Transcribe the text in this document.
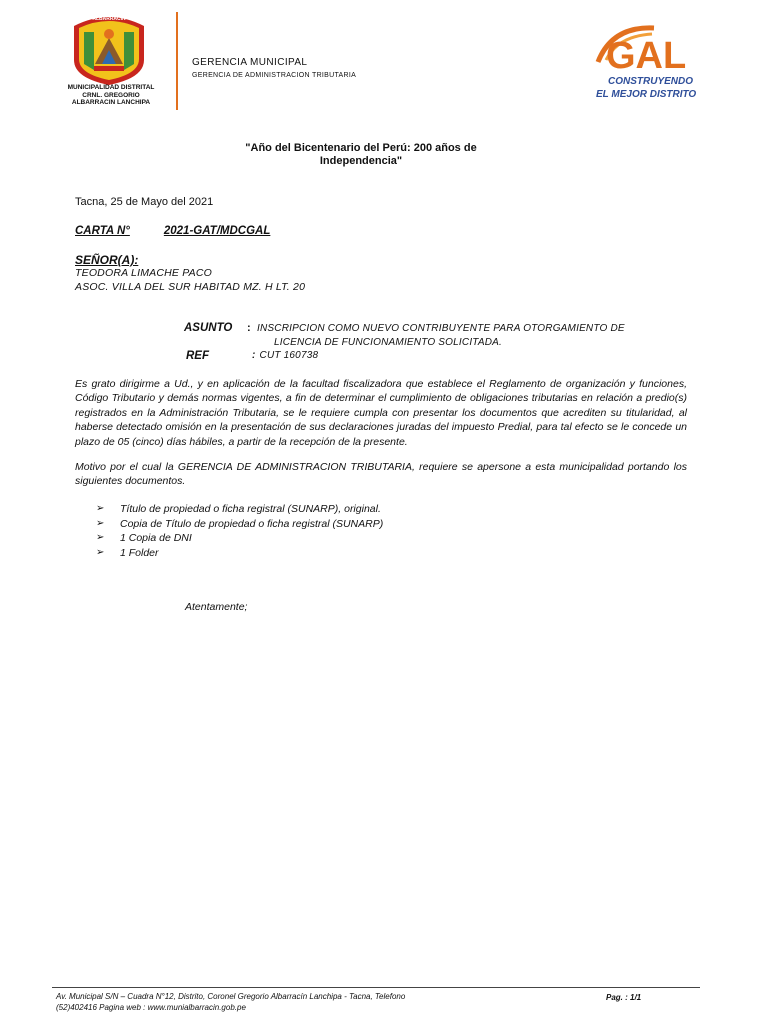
ALBARRACIN
MUNICIPALIDAD DISTRITAL
CRNL. GREGORIO
ALBARRACIN LANCHIPA
GERENCIA MUNICIPAL
GERENCIA DE ADMINISTRACION TRIBUTARIA	GAL
CONSTRUYENDO
EL MEJOR DISTRITO
"Año del Bicentenario del Perú: 200 años de
Independencia"
Tacna, 25 de Mayo del 2021
CARTA N°	2021-GAT/MDCGAL
SEÑOR(A):
TEODORA LIMACHE PACO
ASOC. VILLA DEL SUR HABITAD MZ. H LT. 20
ASUNTO : INSCRIPCION COMO NUEVO CONTRIBUYENTE PARA OTORGAMIENTO DE
LICENCIA DE FUNCIONAMIENTO SOLICITADA.
REF	: CUT 160738
Es grato dirigirme a Ud., y en aplicación de la facultad fiscalizadora que establece el Reglamento de organización y funciones, Código Tributario y demás normas vigentes, a fin de determinar el cumplimiento de obligaciones tributarias en relación a predio(s) registrados en la Administración Tributaria, se le requiere cumpla con presentar los documentos que acrediten su titularidad, al haberse detectado omisión en la presentación de sus declaraciones juradas del impuesto Predial, para tal efecto se le concede un plazo de 05 (cinco) días hábiles, a partir de la recepción de la presente.
Motivo por el cual la GERENCIA DE ADMINISTRACION TRIBUTARIA, requiere se apersone a esta municipalidad portando los siguientes documentos.
➢	Título de propiedad o ficha registral (SUNARP), original.
➢	Copia de Título de propiedad o ficha registral (SUNARP)
➢	1 Copia de DNI
➢	1 Folder
Atentamente;
Av. Municipal S/N – Cuadra N°12, Distrito, Coronel Gregorio Albarracín Lanchipa - Tacna, Telefono
(52)402416 Pagina web : www.munialbarracin.gob.pe
Pag. : 1/1
